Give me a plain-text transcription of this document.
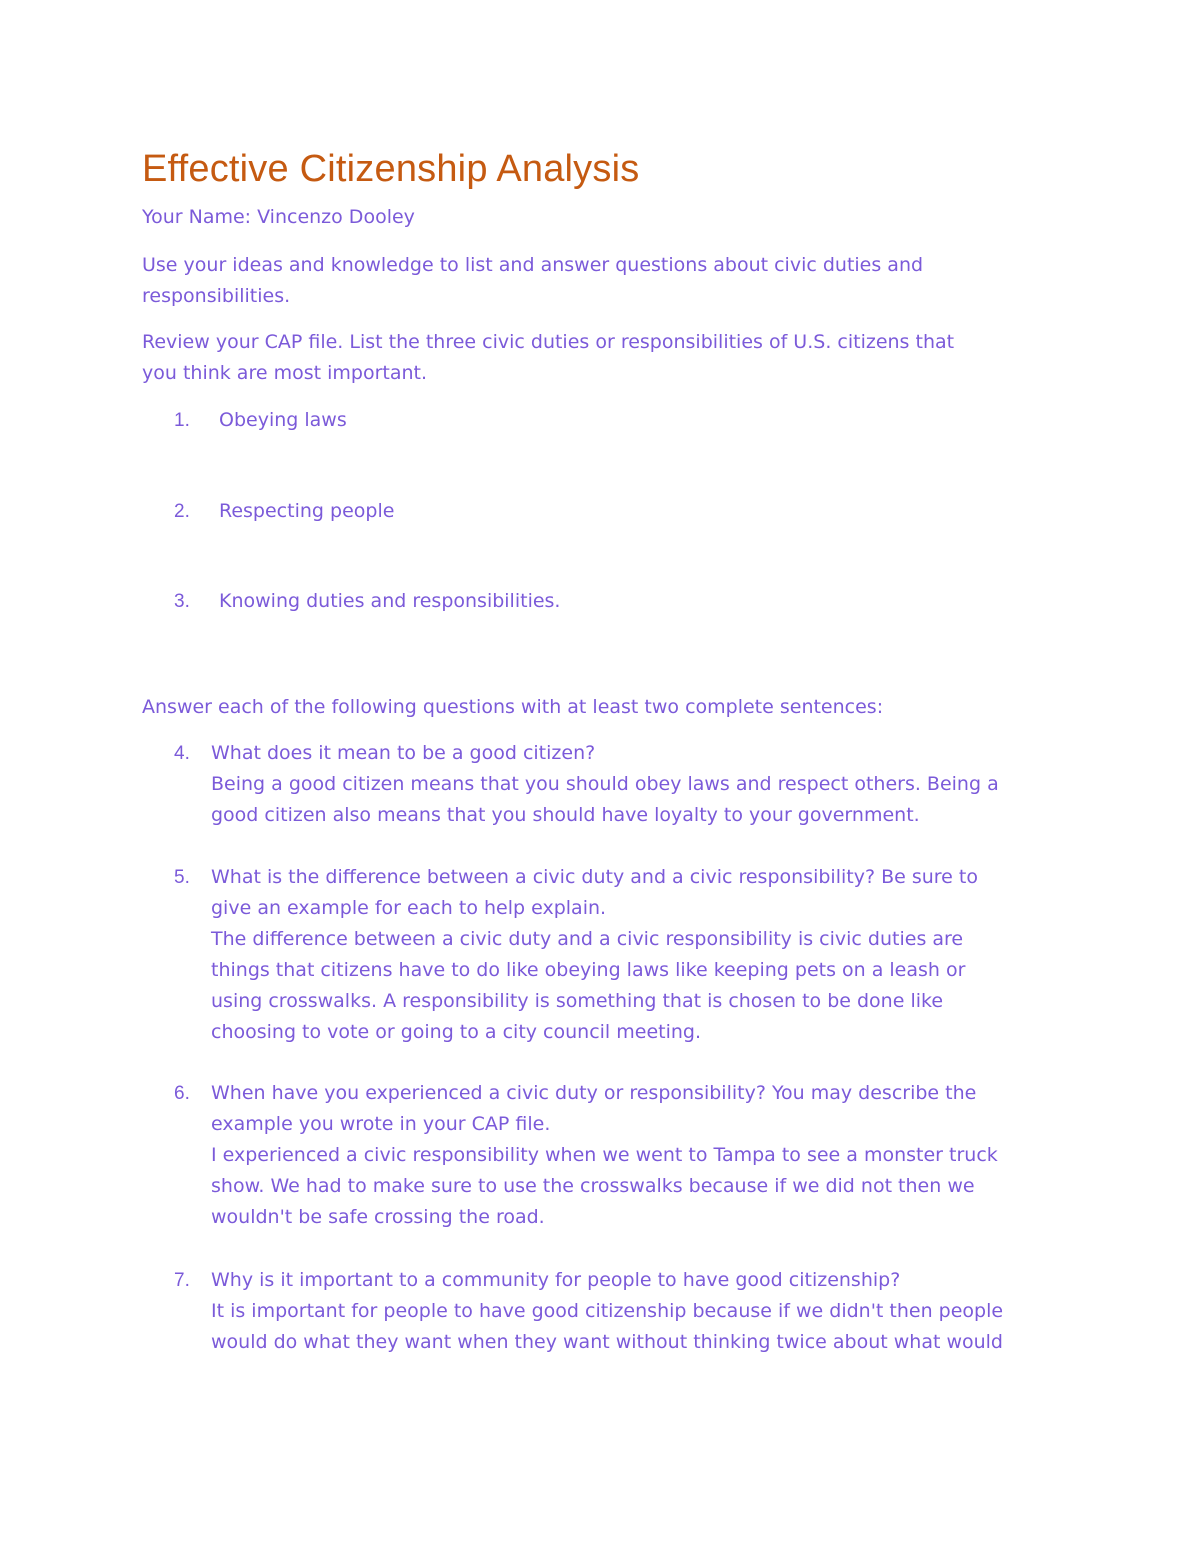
Effective Citizenship Analysis

Your Name: Vincenzo Dooley

Use your ideas and knowledge to list and answer questions about civic duties and
responsibilities.

Review your CAP file. List the three civic duties or responsibilities of U.S. citizens that
you think are most important.

1. Obeying laws
2. Respecting people
3. Knowing duties and responsibilities.

Answer each of the following questions with at least two complete sentences:

4. What does it mean to be a good citizen?
Being a good citizen means that you should obey laws and respect others. Being a
good citizen also means that you should have loyalty to your government.
5. What is the difference between a civic duty and a civic responsibility? Be sure to
give an example for each to help explain.
The difference between a civic duty and a civic responsibility is civic duties are
things that citizens have to do like obeying laws like keeping pets on a leash or
using crosswalks. A responsibility is something that is chosen to be done like
choosing to vote or going to a city council meeting.
6. When have you experienced a civic duty or responsibility? You may describe the
example you wrote in your CAP file.
I experienced a civic responsibility when we went to Tampa to see a monster truck
show. We had to make sure to use the crosswalks because if we did not then we
wouldn't be safe crossing the road.
7. Why is it important to a community for people to have good citizenship?
It is important for people to have good citizenship because if we didn't then people
would do what they want when they want without thinking twice about what would
